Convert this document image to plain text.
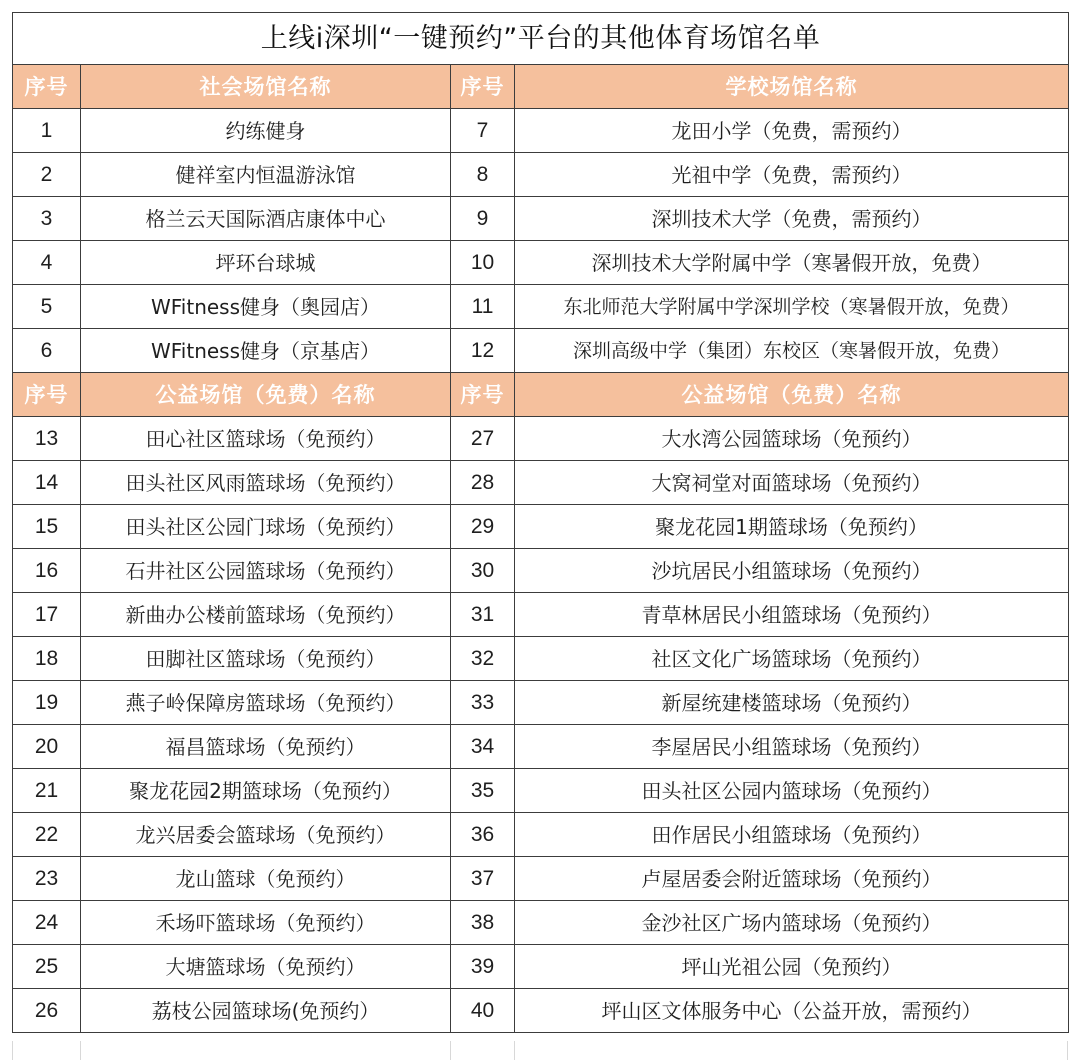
上线i深圳“一键预约”平台的其他体育场馆名单			
序号	社会场馆名称	序号	学校场馆名称
1	约练健身	7	龙田小学（免费，需预约）
2	健祥室内恒温游泳馆	8	光祖中学（免费，需预约）
3	格兰云天国际酒店康体中心	9	深圳技术大学（免费，需预约）
4	坪环台球城	10	深圳技术大学附属中学（寒暑假开放，免费）
5	WFitness健身（奥园店）	11	东北师范大学附属中学深圳学校（寒暑假开放，免费）
6	WFitness健身（京基店）	12	深圳高级中学（集团）东校区（寒暑假开放，免费）
序号	公益场馆（免费）名称	序号	公益场馆（免费）名称
13	田心社区篮球场（免预约）	27	大水湾公园篮球场（免预约）
14	田头社区风雨篮球场（免预约）	28	大窝祠堂对面篮球场（免预约）
15	田头社区公园门球场（免预约）	29	聚龙花园1期篮球场（免预约）
16	石井社区公园篮球场（免预约）	30	沙坑居民小组篮球场（免预约）
17	新曲办公楼前篮球场（免预约）	31	青草林居民小组篮球场（免预约）
18	田脚社区篮球场（免预约）	32	社区文化广场篮球场（免预约）
19	燕子岭保障房篮球场（免预约）	33	新屋统建楼篮球场（免预约）
20	福昌篮球场（免预约）	34	李屋居民小组篮球场（免预约）
21	聚龙花园2期篮球场（免预约）	35	田头社区公园内篮球场（免预约）
22	龙兴居委会篮球场（免预约）	36	田作居民小组篮球场（免预约）
23	龙山篮球（免预约）	37	卢屋居委会附近篮球场（免预约）
24	禾场吓篮球场（免预约）	38	金沙社区广场内篮球场（免预约）
25	大塘篮球场（免预约）	39	坪山光祖公园（免预约）
26	荔枝公园篮球场(免预约）	40	坪山区文体服务中心（公益开放，需预约）
